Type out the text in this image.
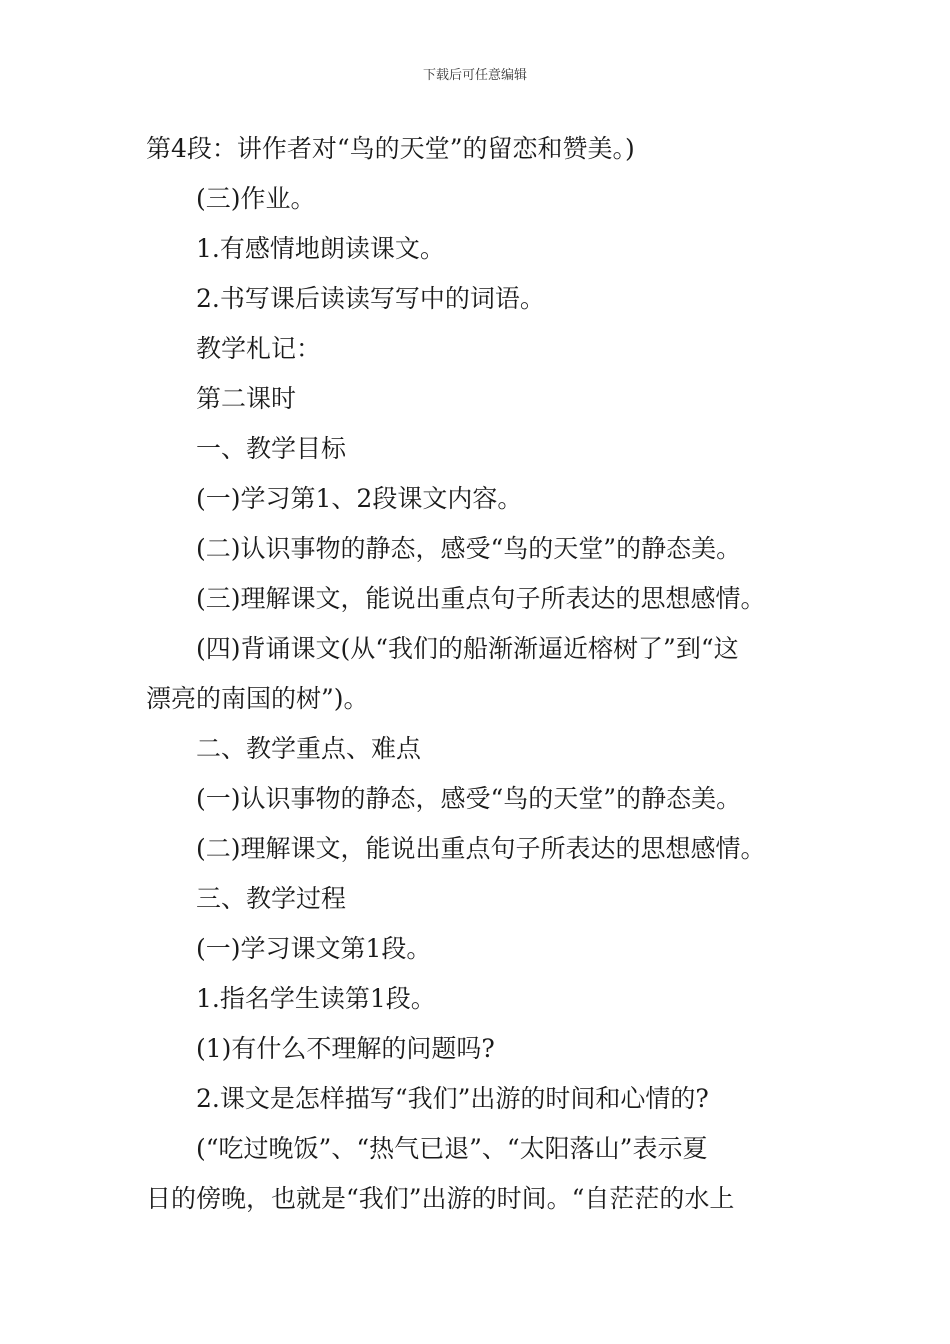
下载后可任意编辑
第4段：讲作者对“鸟的天堂”的留恋和赞美。)
(三)作业。
1.有感情地朗读课文。
2.书写课后读读写写中的词语。
教学札记：
第二课时
一、教学目标
(一)学习第1、2段课文内容。
(二)认识事物的静态，感受“鸟的天堂”的静态美。
(三)理解课文，能说出重点句子所表达的思想感情。
(四)背诵课文(从“我们的船渐渐逼近榕树了”到“这
漂亮的南国的树”)。
二、教学重点、难点
(一)认识事物的静态，感受“鸟的天堂”的静态美。
(二)理解课文，能说出重点句子所表达的思想感情。
三、教学过程
(一)学习课文第1段。
1.指名学生读第1段。
(1)有什么不理解的问题吗?
2.课文是怎样描写“我们”出游的时间和心情的?
(“吃过晚饭”、“热气已退”、“太阳落山”表示夏
日的傍晚，也就是“我们”出游的时间。“自茫茫的水上
